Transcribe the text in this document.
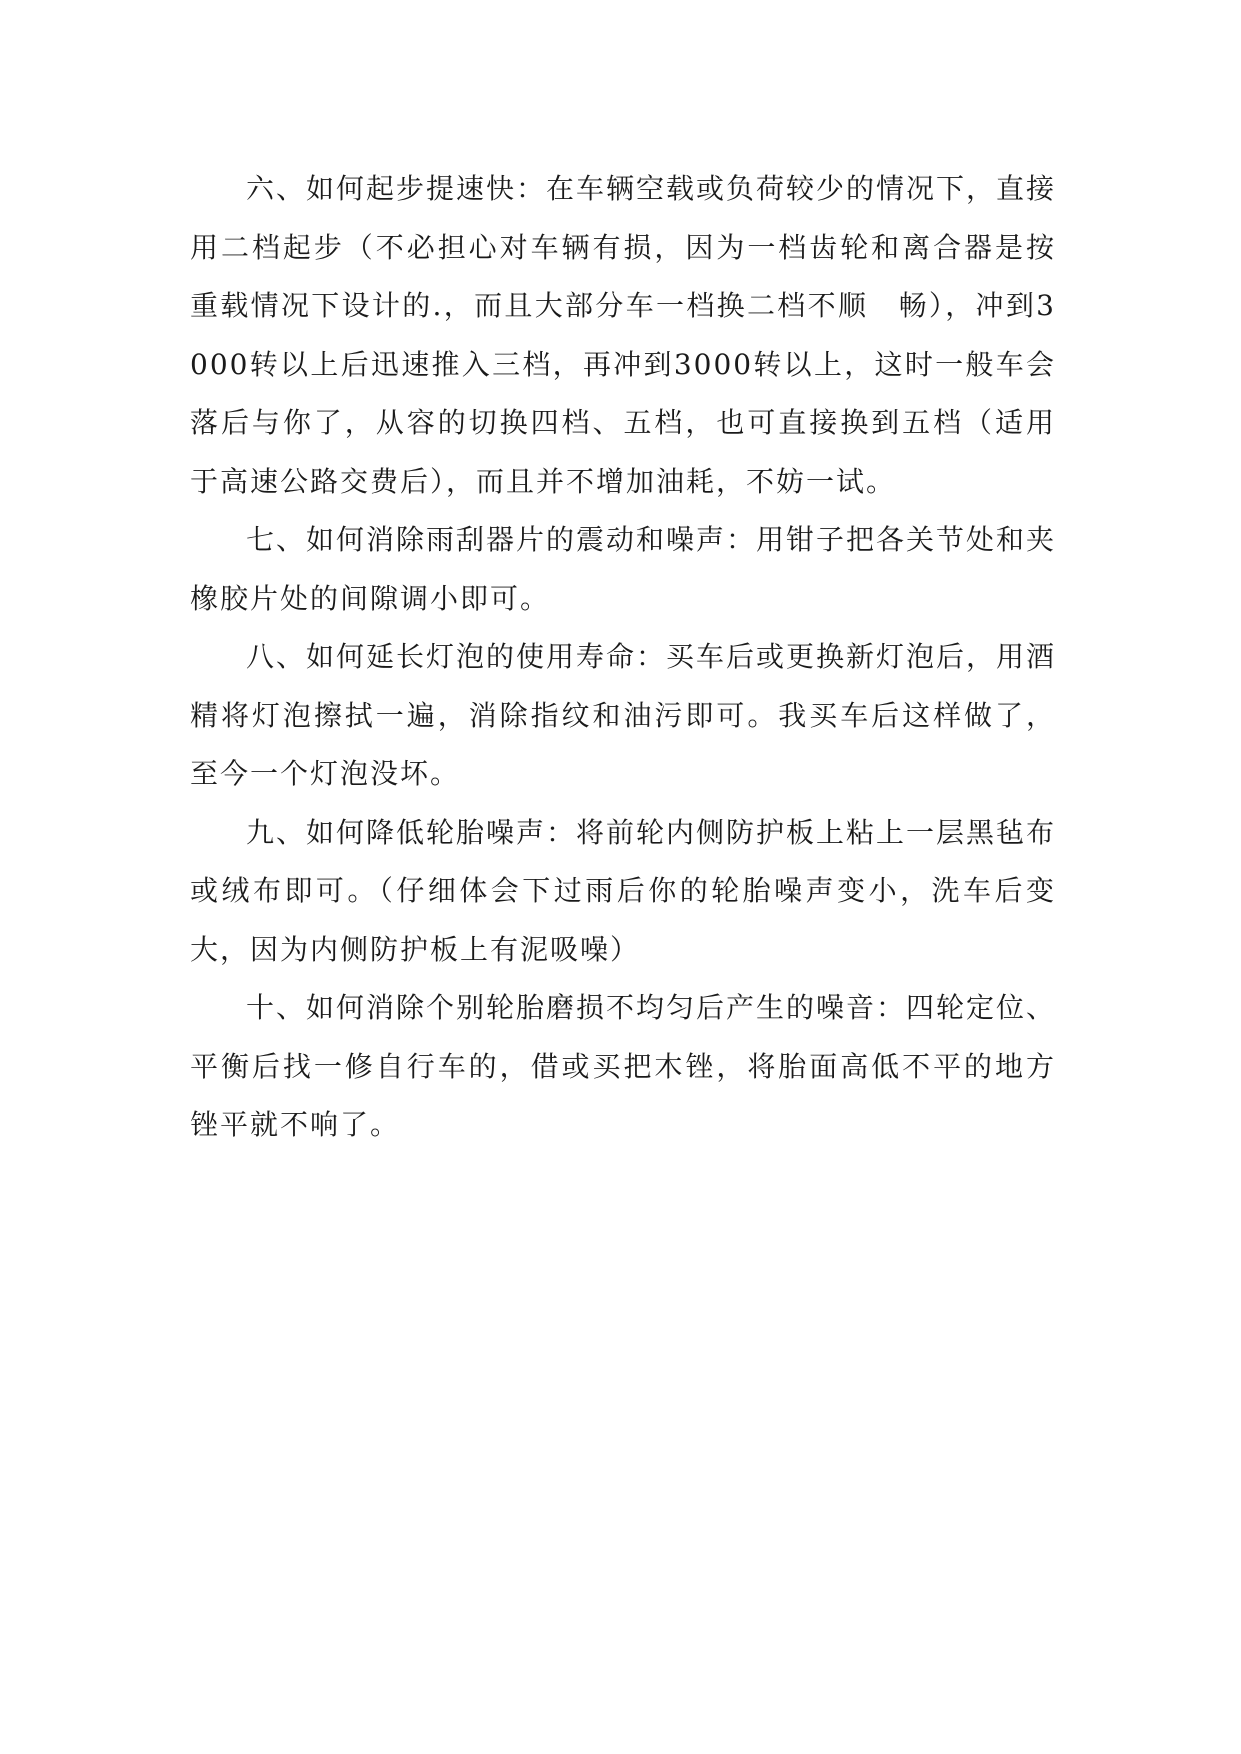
六、如何起步提速快：在车辆空载或负荷较少的情况下，直接用二档起步（不必担心对车辆有损，因为一档齿轮和离合器是按重载情况下设计的.，而且大部分车一档换二档不顺　畅），冲到3000转以上后迅速推入三档，再冲到3000转以上，这时一般车会落后与你了，从容的切换四档、五档，也可直接换到五档（适用于高速公路交费后），而且并不增加油耗，不妨一试。

七、如何消除雨刮器片的震动和噪声：用钳子把各关节处和夹橡胶片处的间隙调小即可。

八、如何延长灯泡的使用寿命：买车后或更换新灯泡后，用酒精将灯泡擦拭一遍，消除指纹和油污即可。我买车后这样做了，至今一个灯泡没坏。

九、如何降低轮胎噪声：将前轮内侧防护板上粘上一层黑毡布或绒布即可。（仔细体会下过雨后你的轮胎噪声变小，洗车后变大，因为内侧防护板上有泥吸噪）

十、如何消除个别轮胎磨损不均匀后产生的噪音：四轮定位、平衡后找一修自行车的，借或买把木锉，将胎面高低不平的地方锉平就不响了。
